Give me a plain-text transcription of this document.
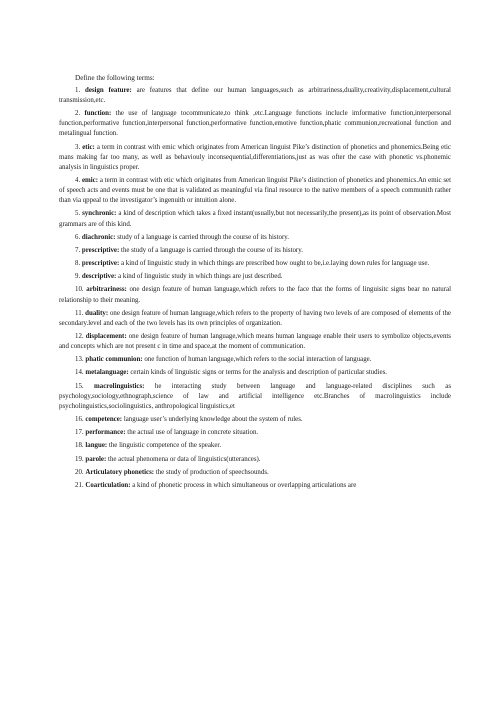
Define the following terms:

1. design feature: are features that define our human languages,such as arbitrariness,duality,creativity,displacement,cultural transmission,etc.

2. function: the use of language tocommunicate,to think ,etc.Language functions inclucle imformative function,interpersonal function,performative function,interpersonal function,performative function,emotive function,phatic communion,recreational function and metalingual function.

3. etic: a term in contrast with emic which originates from American linguist Pike’s distinction of phonetics and phonemics.Being etic mans making far too many, as well as behaviouly inconsequential,differentiations,just as was ofter the case with phonetic vs.phonemic analysis in linguistics proper.

4. emic: a term in contrast with etic which originates from American linguist Pike’s distinction of phonetics and phonemics.An emic set of speech acts and events must be one that is validated as meaningful via final resource to the native members of a speech communith rather than via qppeal to the investigator’s ingenuith or intuition alone.

5. synchronic: a kind of description which takes a fixed instant(usually,but not necessarily,the present),as its point of observation.Most grammars are of this kind.

6. diachronic: study of a language is carried through the course of its history.

7. prescriptive: the study of a language is carried through the course of its history.

8. prescriptive: a kind of linguistic study in which things are prescribed how ought to be,i.e.laying down rules for language use.

9. descriptive: a kind of linguistic study in which things are just described.

10. arbitrariness: one design feature of human language,which refers to the face that the forms of linguisitc signs bear no natural relationship to their meaning.

11. duality: one design feature of human language,which refers to the property of having two levels of are composed of elements of the secondary.level and each of the two levels has its own principles of organization.

12. displacement: one design feature of human language,which means human language enable their users to symbolize objects,events and concepts which are not present c in time and space,at the moment of communication.

13. phatic communion: one function of human language,which refers to the social interaction of language.

14. metalanguage: certain kinds of linguistic signs or terms for the analysis and description of particular studies.

15. macrolinguistics: he interacting study between language and language-related disciplines such as psychology,sociology,ethnograph,science of law and artificial intelligence etc.Branches of macrolinguistics include psycholinguistics,sociolinguistics, anthropological linguistics,et

16. competence: language user’s underlying knowledge about the system of rules.

17. performance: the actual use of language in concrete situation.

18. langue: the linguistic competence of the speaker.

19. parole: the actual phenomena or data of linguistics(utterances).

20. Articulatory phonetics: the study of production of speechsounds.

21. Coarticulation: a kind of phonetic process in which simultaneous or overlapping articulations are
